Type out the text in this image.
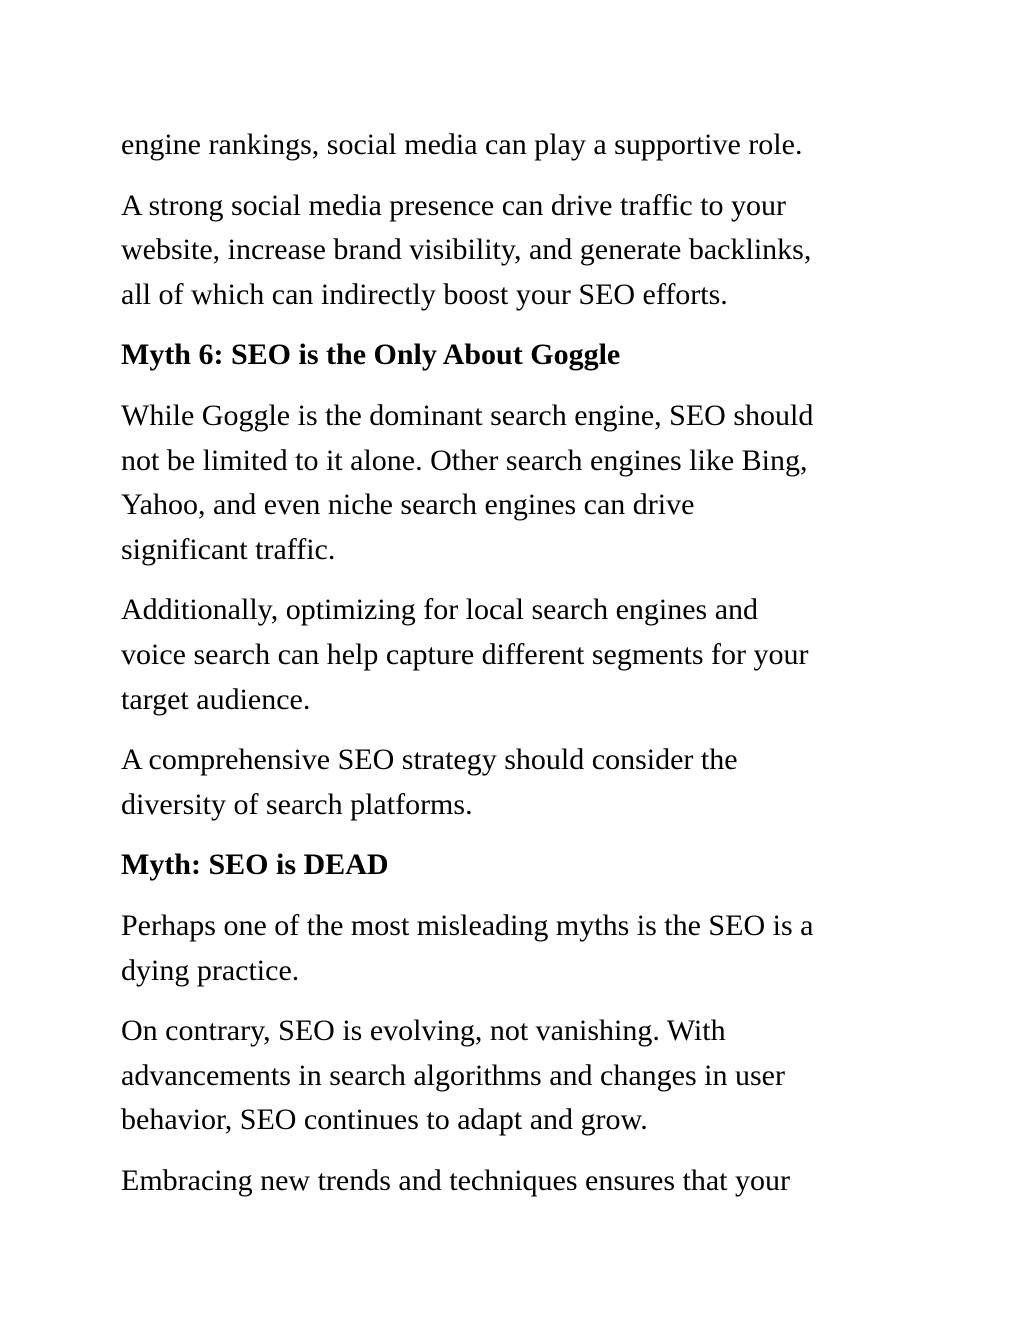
engine rankings, social media can play a supportive role.

A strong social media presence can drive traffic to your
website, increase brand visibility, and generate backlinks,
all of which can indirectly boost your SEO efforts.

Myth 6: SEO is the Only About Goggle

While Goggle is the dominant search engine, SEO should
not be limited to it alone. Other search engines like Bing,
Yahoo, and even niche search engines can drive
significant traffic.

Additionally, optimizing for local search engines and
voice search can help capture different segments for your
target audience.

A comprehensive SEO strategy should consider the
diversity of search platforms.

Myth: SEO is DEAD

Perhaps one of the most misleading myths is the SEO is a
dying practice.

On contrary, SEO is evolving, not vanishing. With
advancements in search algorithms and changes in user
behavior, SEO continues to adapt and grow.

Embracing new trends and techniques ensures that your
